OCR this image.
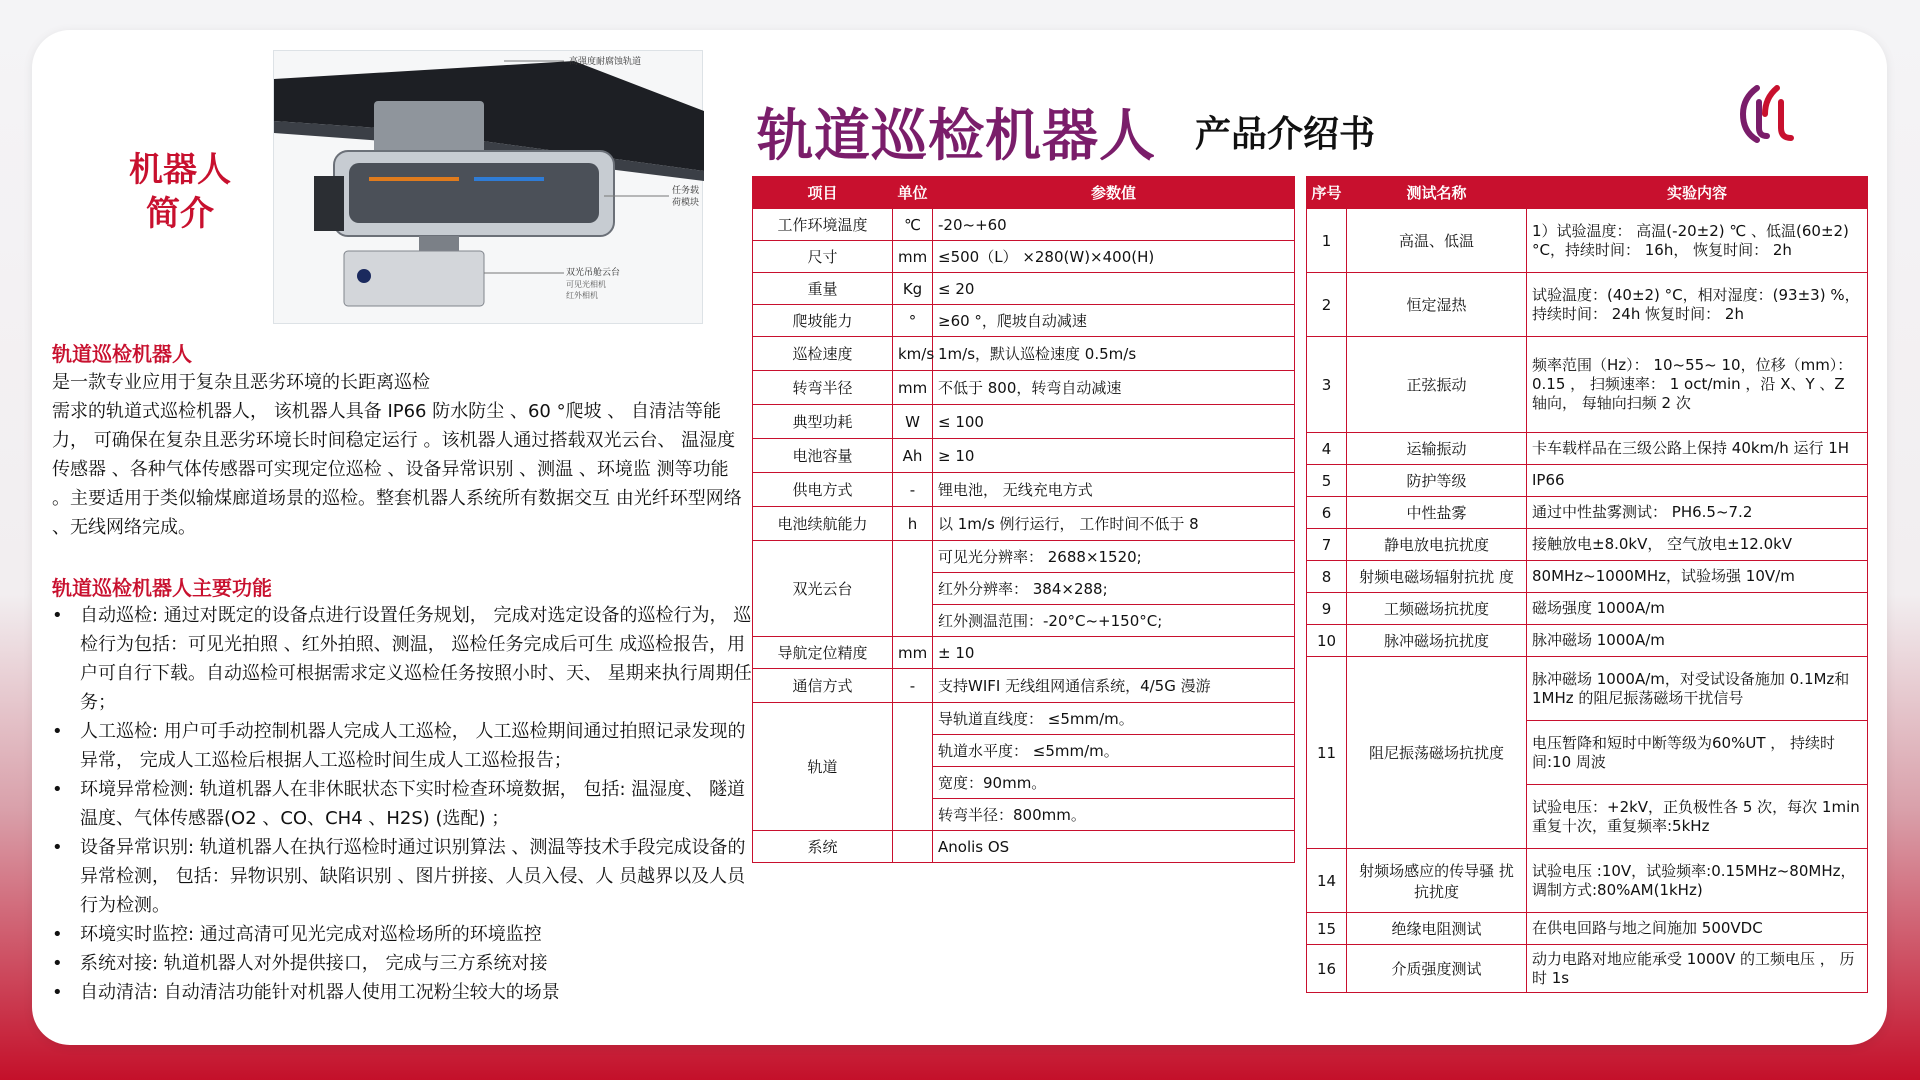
高强度耐腐蚀轨道
任务载
荷模块
双光吊舱云台
可见光相机
红外相机
机器人
简介
轨道巡检机器人
是一款专业应用于复杂且恶劣环境的长距离巡检
需求的轨道式巡检机器人， 该机器人具备 IP66 防水防尘 、60 °爬坡 、 自清洁等能力， 可确保在复杂且恶劣环境长时间稳定运行 。该机器人通过搭载双光云台、 温湿度传感器 、各种气体传感器可实现定位巡检 、设备异常识别 、测温 、环境监 测等功能 。主要适用于类似输煤廊道场景的巡检。整套机器人系统所有数据交互 由光纤环型网络 、无线网络完成。
轨道巡检机器人主要功能
• 自动巡检: 通过对既定的设备点进行设置任务规划， 完成对选定设备的巡检行为， 巡检行为包括：可见光拍照 、红外拍照、测温， 巡检任务完成后可生 成巡检报告，用户可自行下载。自动巡检可根据需求定义巡检任务按照小时、天、 星期来执行周期任务；
• 人工巡检: 用户可手动控制机器人完成人工巡检， 人工巡检期间通过拍照记录发现的异常， 完成人工巡检后根据人工巡检时间生成人工巡检报告；
• 环境异常检测: 轨道机器人在非休眠状态下实时检查环境数据， 包括: 温湿度、 隧道温度、气体传感器(O2 、CO、CH4 、H2S) (选配) ；
• 设备异常识别: 轨道机器人在执行巡检时通过识别算法 、测温等技术手段完成设备的异常检测， 包括：异物识别、缺陷识别 、图片拼接、人员入侵、人 员越界以及人员行为检测。
• 环境实时监控: 通过高清可见光完成对巡检场所的环境监控
• 系统对接: 轨道机器人对外提供接口， 完成与三方系统对接
• 自动清洁: 自动清洁功能针对机器人使用工况粉尘较大的场景
轨道巡检机器人 产品介绍书
项目	单位	参数值
工作环境温度	℃	-20~+60
尺寸	mm	≤500（L） ×280(W)×400(H)
重量	Kg	≤ 20
爬坡能力	°	≥60 °，爬坡自动减速
巡检速度	km/s	1m/s，默认巡检速度 0.5m/s
转弯半径	mm	不低于 800，转弯自动减速
典型功耗	W	≤ 100
电池容量	Ah	≥ 10
供电方式	-	锂电池， 无线充电方式
电池续航能力	h	以 1m/s 例行运行， 工作时间不低于 8
双光云台		可见光分辨率： 2688×1520;
		红外分辨率： 384×288;
		红外测温范围：-20°C~+150°C;
导航定位精度	mm	± 10
通信方式	-	支持WIFI 无线组网通信系统，4/5G 漫游
轨道		导轨道直线度： ≤5mm/m。
		轨道水平度： ≤5mm/m。
		宽度：90mm。
		转弯半径：800mm。
系统		Anolis OS
序号	测试名称	实验内容
1	高温、低温	1）试验温度： 高温(-20±2) ℃ 、低温(60±2) °C，持续时间： 16h， 恢复时间： 2h
2	恒定湿热	试验温度：(40±2) °C，相对湿度：(93±3) %，持续时间： 24h 恢复时间： 2h
3	正弦振动	频率范围（Hz）： 10~55~ 10，位移（mm）： 0.15 ， 扫频速率： 1 oct/min ，沿 X、Y 、Z 轴向， 每轴向扫频 2 次
4	运输振动	卡车载样品在三级公路上保持 40km/h 运行 1H
5	防护等级	IP66
6	中性盐雾	通过中性盐雾测试： PH6.5~7.2
7	静电放电抗扰度	接触放电±8.0kV， 空气放电±12.0kV
8	射频电磁场辐射抗扰 度	80MHz~1000MHz，试验场强 10V/m
9	工频磁场抗扰度	磁场强度 1000A/m
10	脉冲磁场抗扰度	脉冲磁场 1000A/m
11	阻尼振荡磁场抗扰度	脉冲磁场 1000A/m，对受试设备施加 0.1Mz和 1MHz 的阻尼振荡磁场干扰信号
		电压暂降和短时中断等级为60%UT ， 持续时间:10 周波
		试验电压：+2kV，正负极性各 5 次，每次 1min 重复十次，重复频率:5kHz
14	射频场感应的传导骚 扰抗扰度	试验电压 :10V，试验频率:0.15MHz~80MHz，调制方式:80%AM(1kHz)
15	绝缘电阻测试	在供电回路与地之间施加 500VDC
16	介质强度测试	动力电路对地应能承受 1000V 的工频电压 ， 历时 1s
